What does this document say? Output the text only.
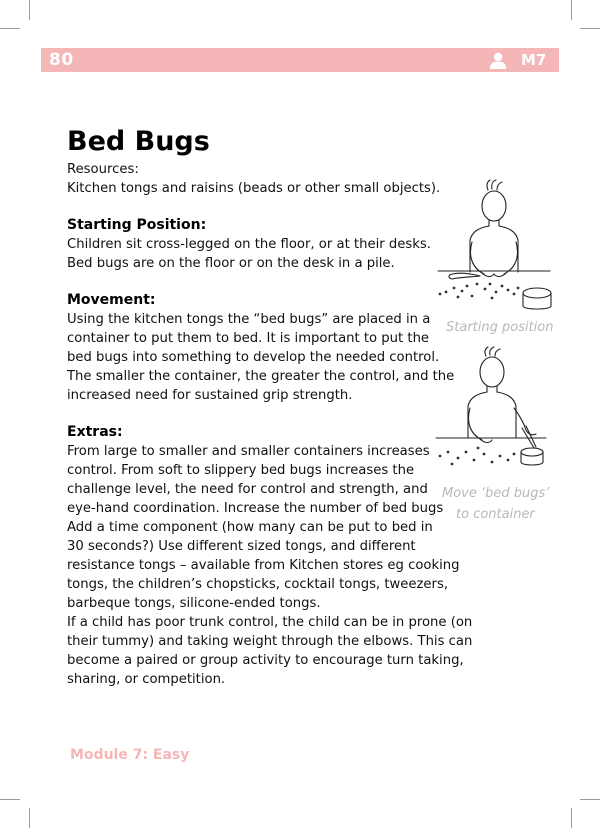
80	M7
Bed Bugs
Resources:
Kitchen tongs and raisins (beads or other small objects).
Starting Position:
Children sit cross-legged on the floor, or at their desks.
Bed bugs are on the floor or on the desk in a pile.
Movement:
Using the kitchen tongs the “bed bugs” are placed in a
container to put them to bed. It is important to put the
bed bugs into something to develop the needed control.
The smaller the container, the greater the control, and the
increased need for sustained grip strength.
Extras:
From large to smaller and smaller containers increases
control. From soft to slippery bed bugs increases the
challenge level, the need for control and strength, and
eye-hand coordination. Increase the number of bed bugs
Add a time component (how many can be put to bed in
30 seconds?) Use different sized tongs, and different
resistance tongs – available from Kitchen stores eg cooking
tongs, the children’s chopsticks, cocktail tongs, tweezers,
barbeque tongs, silicone-ended tongs.
If a child has poor trunk control, the child can be in prone (on
their tummy) and taking weight through the elbows. This can
become a paired or group activity to encourage turn taking,
sharing, or competition.
Starting position
Move ‘bed bugs’
to container
Module 7: Easy
